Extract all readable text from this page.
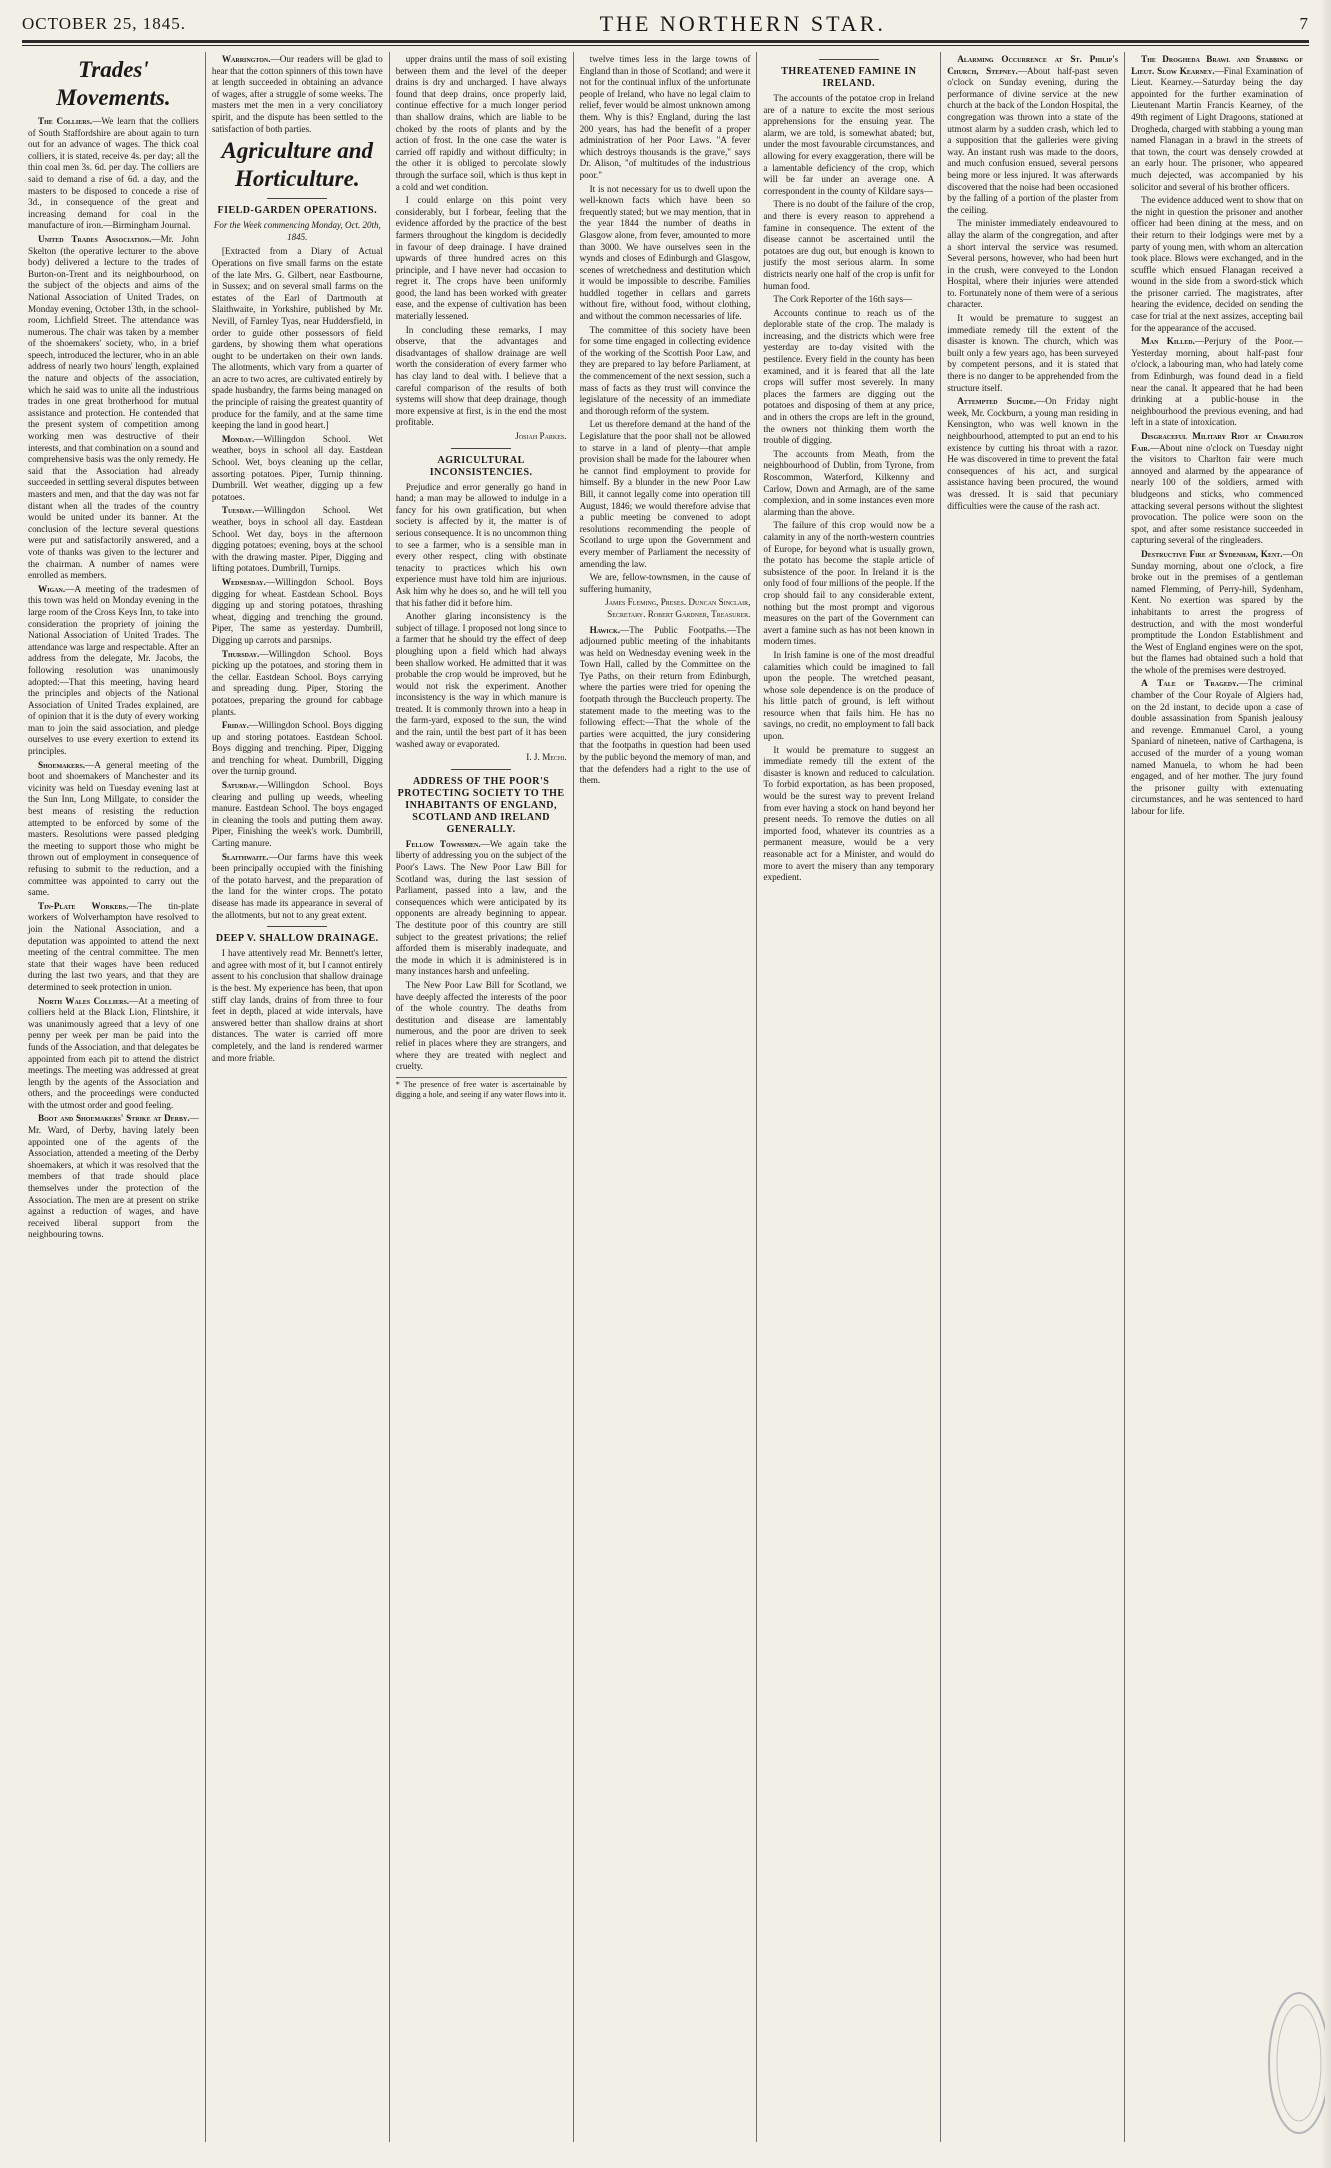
OCTOBER 25, 1845.	THE NORTHERN STAR.	7
Trades' Movements.

The Colliers.—We learn that the colliers of South Staffordshire are about again to turn out for an advance of wages. The thick coal colliers, it is stated, receive 4s. per day; all the thin coal men 3s. 6d. per day. The colliers are said to demand a rise of 6d. a day, and the masters to be disposed to concede a rise of 3d., in consequence of the great and increasing demand for coal in the manufacture of iron.—Birmingham Journal.

United Trades Association.—Mr. John Skelton (the operative lecturer to the above body) delivered a lecture to the trades of Burton-on-Trent and its neighbourhood, on the subject of the objects and aims of the National Association of United Trades, on Monday evening, October 13th, in the school-room, Lichfield Street. The attendance was numerous. The chair was taken by a member of the shoemakers' society, who, in a brief speech, introduced the lecturer, who in an able address of nearly two hours' length, explained the nature and objects of the association, which he said was to unite all the industrious trades in one great brotherhood for mutual assistance and protection. He contended that the present system of competition among working men was destructive of their interests, and that combination on a sound and comprehensive basis was the only remedy. He said that the Association had already succeeded in settling several disputes between masters and men, and that the day was not far distant when all the trades of the country would be united under its banner. At the conclusion of the lecture several questions were put and satisfactorily answered, and a vote of thanks was given to the lecturer and the chairman. A number of names were enrolled as members.

Wigan.—A meeting of the tradesmen of this town was held on Monday evening in the large room of the Cross Keys Inn, to take into consideration the propriety of joining the National Association of United Trades. The attendance was large and respectable. After an address from the delegate, Mr. Jacobs, the following resolution was unanimously adopted:—That this meeting, having heard the principles and objects of the National Association of United Trades explained, are of opinion that it is the duty of every working man to join the said association, and pledge ourselves to use every exertion to extend its principles.

Shoemakers.—A general meeting of the boot and shoemakers of Manchester and its vicinity was held on Tuesday evening last at the Sun Inn, Long Millgate, to consider the best means of resisting the reduction attempted to be enforced by some of the masters. Resolutions were passed pledging the meeting to support those who might be thrown out of employment in consequence of refusing to submit to the reduction, and a committee was appointed to carry out the same.

Tin-Plate Workers.—The tin-plate workers of Wolverhampton have resolved to join the National Association, and a deputation was appointed to attend the next meeting of the central committee. The men state that their wages have been reduced during the last two years, and that they are determined to seek protection in union.

North Wales Colliers.—At a meeting of colliers held at the Black Lion, Flintshire, it was unanimously agreed that a levy of one penny per week per man be paid into the funds of the Association, and that delegates be appointed from each pit to attend the district meetings. The meeting was addressed at great length by the agents of the Association and others, and the proceedings were conducted with the utmost order and good feeling.

Boot and Shoemakers' Strike at Derby.—Mr. Ward, of Derby, having lately been appointed one of the agents of the Association, attended a meeting of the Derby shoemakers, at which it was resolved that the members of that trade should place themselves under the protection of the Association. The men are at present on strike against a reduction of wages, and have received liberal support from the neighbouring towns.

Warrington.—Our readers will be glad to hear that the cotton spinners of this town have at length succeeded in obtaining an advance of wages, after a struggle of some weeks. The masters met the men in a very conciliatory spirit, and the dispute has been settled to the satisfaction of both parties.

Agriculture and Horticulture.
FIELD-GARDEN OPERATIONS.
For the Week commencing Monday, Oct. 20th, 1845.

[Extracted from a Diary of Actual Operations on five small farms on the estate of the late Mrs. G. Gilbert, near Eastbourne, in Sussex; and on several small farms on the estates of the Earl of Dartmouth at Slaithwaite, in Yorkshire, published by Mr. Nevill, of Farnley Tyas, near Huddersfield, in order to guide other possessors of field gardens, by showing them what operations ought to be undertaken on their own lands. The allotments, which vary from a quarter of an acre to two acres, are cultivated entirely by spade husbandry, the farms being managed on the principle of raising the greatest quantity of produce for the family, and at the same time keeping the land in good heart.]

Monday.—Willingdon School. Wet weather, boys in school all day. Eastdean School. Wet, boys cleaning up the cellar, assorting potatoes. Piper, Turnip thinning. Dumbrill. Wet weather, digging up a few potatoes.

Tuesday.—Willingdon School. Wet weather, boys in school all day. Eastdean School. Wet day, boys in the afternoon digging potatoes; evening, boys at the school with the drawing master. Piper, Digging and lifting potatoes. Dumbrill, Turnips.

Wednesday.—Willingdon School. Boys digging for wheat. Eastdean School. Boys digging up and storing potatoes, thrashing wheat, digging and trenching the ground. Piper, The same as yesterday. Dumbrill, Digging up carrots and parsnips.

Thursday.—Willingdon School. Boys picking up the potatoes, and storing them in the cellar. Eastdean School. Boys carrying and spreading dung. Piper, Storing the potatoes, preparing the ground for cabbage plants.

Friday.—Willingdon School. Boys digging up and storing potatoes. Eastdean School. Boys digging and trenching. Piper, Digging and trenching for wheat. Dumbrill, Digging over the turnip ground.

Saturday.—Willingdon School. Boys clearing and pulling up weeds, wheeling manure. Eastdean School. The boys engaged in cleaning the tools and putting them away. Piper, Finishing the week's work. Dumbrill, Carting manure.

Slaithwaite.—Our farms have this week been principally occupied with the finishing of the potato harvest, and the preparation of the land for the winter crops. The potato disease has made its appearance in several of the allotments, but not to any great extent.

DEEP V. SHALLOW DRAINAGE.

I have attentively read Mr. Bennett's letter, and agree with most of it, but I cannot entirely assent to his conclusion that shallow drainage is the best. My experience has been, that upon stiff clay lands, drains of from three to four feet in depth, placed at wide intervals, have answered better than shallow drains at short distances. The water is carried off more completely, and the land is rendered warmer and more friable.

upper drains until the mass of soil existing between them and the level of the deeper drains is dry and uncharged. I have always found that deep drains, once properly laid, continue effective for a much longer period than shallow drains, which are liable to be choked by the roots of plants and by the action of frost. In the one case the water is carried off rapidly and without difficulty; in the other it is obliged to percolate slowly through the surface soil, which is thus kept in a cold and wet condition.

I could enlarge on this point very considerably, but I forbear, feeling that the evidence afforded by the practice of the best farmers throughout the kingdom is decidedly in favour of deep drainage. I have drained upwards of three hundred acres on this principle, and I have never had occasion to regret it. The crops have been uniformly good, the land has been worked with greater ease, and the expense of cultivation has been materially lessened.

In concluding these remarks, I may observe, that the advantages and disadvantages of shallow drainage are well worth the consideration of every farmer who has clay land to deal with. I believe that a careful comparison of the results of both systems will show that deep drainage, though more expensive at first, is in the end the most profitable.

Josiah Parkes.
AGRICULTURAL INCONSISTENCIES.

Prejudice and error generally go hand in hand; a man may be allowed to indulge in a fancy for his own gratification, but when society is affected by it, the matter is of serious consequence. It is no uncommon thing to see a farmer, who is a sensible man in every other respect, cling with obstinate tenacity to practices which his own experience must have told him are injurious. Ask him why he does so, and he will tell you that his father did it before him.

Another glaring inconsistency is the subject of tillage. I proposed not long since to a farmer that he should try the effect of deep ploughing upon a field which had always been shallow worked. He admitted that it was probable the crop would be improved, but he would not risk the experiment. Another inconsistency is the way in which manure is treated. It is commonly thrown into a heap in the farm-yard, exposed to the sun, the wind and the rain, until the best part of it has been washed away or evaporated.

I. J. Mechi.
ADDRESS OF THE POOR'S PROTECTING SOCIETY TO THE INHABITANTS OF ENGLAND, SCOTLAND AND IRELAND GENERALLY.

Fellow Townsmen.—We again take the liberty of addressing you on the subject of the Poor's Laws. The New Poor Law Bill for Scotland was, during the last session of Parliament, passed into a law, and the consequences which were anticipated by its opponents are already beginning to appear. The destitute poor of this country are still subject to the greatest privations; the relief afforded them is miserably inadequate, and the mode in which it is administered is in many instances harsh and unfeeling.

The New Poor Law Bill for Scotland, we have deeply affected the interests of the poor of the whole country. The deaths from destitution and disease are lamentably numerous, and the poor are driven to seek relief in places where they are strangers, and where they are treated with neglect and cruelty.

* The presence of free water is ascertainable by digging a hole, and seeing if any water flows into it.

twelve times less in the large towns of England than in those of Scotland; and were it not for the continual influx of the unfortunate people of Ireland, who have no legal claim to relief, fever would be almost unknown among them. Why is this? England, during the last 200 years, has had the benefit of a proper administration of her Poor Laws. "A fever which destroys thousands is the grave," says Dr. Alison, "of multitudes of the industrious poor."

It is not necessary for us to dwell upon the well-known facts which have been so frequently stated; but we may mention, that in the year 1844 the number of deaths in Glasgow alone, from fever, amounted to more than 3000. We have ourselves seen in the wynds and closes of Edinburgh and Glasgow, scenes of wretchedness and destitution which it would be impossible to describe. Families huddled together in cellars and garrets without fire, without food, without clothing, and without the common necessaries of life.

The committee of this society have been for some time engaged in collecting evidence of the working of the Scottish Poor Law, and they are prepared to lay before Parliament, at the commencement of the next session, such a mass of facts as they trust will convince the legislature of the necessity of an immediate and thorough reform of the system.

Let us therefore demand at the hand of the Legislature that the poor shall not be allowed to starve in a land of plenty—that ample provision shall be made for the labourer when he cannot find employment to provide for himself. By a blunder in the new Poor Law Bill, it cannot legally come into operation till August, 1846; we would therefore advise that a public meeting be convened to adopt resolutions recommending the people of Scotland to urge upon the Government and every member of Parliament the necessity of amending the law.

We are, fellow-townsmen, in the cause of suffering humanity,

James Fleming, Preses. Duncan Sinclair, Secretary. Robert Gardner, Treasurer.

Hawick.—The Public Footpaths.—The adjourned public meeting of the inhabitants was held on Wednesday evening week in the Town Hall, called by the Committee on the Tye Paths, on their return from Edinburgh, where the parties were tried for opening the footpath through the Buccleuch property. The statement made to the meeting was to the following effect:—That the whole of the parties were acquitted, the jury considering that the footpaths in question had been used by the public beyond the memory of man, and that the defenders had a right to the use of them.

THREATENED FAMINE IN IRELAND.

The accounts of the potatoe crop in Ireland are of a nature to excite the most serious apprehensions for the ensuing year. The alarm, we are told, is somewhat abated; but, under the most favourable circumstances, and allowing for every exaggeration, there will be a lamentable deficiency of the crop, which will be far under an average one. A correspondent in the county of Kildare says—

There is no doubt of the failure of the crop, and there is every reason to apprehend a famine in consequence. The extent of the disease cannot be ascertained until the potatoes are dug out, but enough is known to justify the most serious alarm. In some districts nearly one half of the crop is unfit for human food.

The Cork Reporter of the 16th says—

Accounts continue to reach us of the deplorable state of the crop. The malady is increasing, and the districts which were free yesterday are to-day visited with the pestilence. Every field in the county has been examined, and it is feared that all the late crops will suffer most severely. In many places the farmers are digging out the potatoes and disposing of them at any price, and in others the crops are left in the ground, the owners not thinking them worth the trouble of digging.

The accounts from Meath, from the neighbourhood of Dublin, from Tyrone, from Roscommon, Waterford, Kilkenny and Carlow, Down and Armagh, are of the same complexion, and in some instances even more alarming than the above.

The failure of this crop would now be a calamity in any of the north-western countries of Europe, for beyond what is usually grown, the potato has become the staple article of subsistence of the poor. In Ireland it is the only food of four millions of the people. If the crop should fail to any considerable extent, nothing but the most prompt and vigorous measures on the part of the Government can avert a famine such as has not been known in modern times.

In Irish famine is one of the most dreadful calamities which could be imagined to fall upon the people. The wretched peasant, whose sole dependence is on the produce of his little patch of ground, is left without resource when that fails him. He has no savings, no credit, no employment to fall back upon.

It would be premature to suggest an immediate remedy till the extent of the disaster is known and reduced to calculation. To forbid exportation, as has been proposed, would be the surest way to prevent Ireland from ever having a stock on hand beyond her present needs. To remove the duties on all imported food, whatever its countries as a permanent measure, would be a very reasonable act for a Minister, and would do more to avert the misery than any temporary expedient.

Alarming Occurrence at St. Philip's Church, Stepney.—About half-past seven o'clock on Sunday evening, during the performance of divine service at the new church at the back of the London Hospital, the congregation was thrown into a state of the utmost alarm by a sudden crash, which led to a supposition that the galleries were giving way. An instant rush was made to the doors, and much confusion ensued, several persons being more or less injured. It was afterwards discovered that the noise had been occasioned by the falling of a portion of the plaster from the ceiling.

The minister immediately endeavoured to allay the alarm of the congregation, and after a short interval the service was resumed. Several persons, however, who had been hurt in the crush, were conveyed to the London Hospital, where their injuries were attended to. Fortunately none of them were of a serious character.

It would be premature to suggest an immediate remedy till the extent of the disaster is known. The church, which was built only a few years ago, has been surveyed by competent persons, and it is stated that there is no danger to be apprehended from the structure itself.

Attempted Suicide.—On Friday night week, Mr. Cockburn, a young man residing in Kensington, who was well known in the neighbourhood, attempted to put an end to his existence by cutting his throat with a razor. He was discovered in time to prevent the fatal consequences of his act, and surgical assistance having been procured, the wound was dressed. It is said that pecuniary difficulties were the cause of the rash act.

The Drogheda Brawl and Stabbing of Lieut. Slow Kearney.—Final Examination of Lieut. Kearney.—Saturday being the day appointed for the further examination of Lieutenant Martin Francis Kearney, of the 49th regiment of Light Dragoons, stationed at Drogheda, charged with stabbing a young man named Flanagan in a brawl in the streets of that town, the court was densely crowded at an early hour. The prisoner, who appeared much dejected, was accompanied by his solicitor and several of his brother officers.

The evidence adduced went to show that on the night in question the prisoner and another officer had been dining at the mess, and on their return to their lodgings were met by a party of young men, with whom an altercation took place. Blows were exchanged, and in the scuffle which ensued Flanagan received a wound in the side from a sword-stick which the prisoner carried. The magistrates, after hearing the evidence, decided on sending the case for trial at the next assizes, accepting bail for the appearance of the accused.

Man Killed.—Perjury of the Poor.—Yesterday morning, about half-past four o'clock, a labouring man, who had lately come from Edinburgh, was found dead in a field near the canal. It appeared that he had been drinking at a public-house in the neighbourhood the previous evening, and had left in a state of intoxication.

Disgraceful Military Riot at Charlton Fair.—About nine o'clock on Tuesday night the visitors to Charlton fair were much annoyed and alarmed by the appearance of nearly 100 of the soldiers, armed with bludgeons and sticks, who commenced attacking several persons without the slightest provocation. The police were soon on the spot, and after some resistance succeeded in capturing several of the ringleaders.

Destructive Fire at Sydenham, Kent.—On Sunday morning, about one o'clock, a fire broke out in the premises of a gentleman named Flemming, of Perry-hill, Sydenham, Kent. No exertion was spared by the inhabitants to arrest the progress of destruction, and with the most wonderful promptitude the London Establishment and the West of England engines were on the spot, but the flames had obtained such a hold that the whole of the premises were destroyed.

A Tale of Tragedy.—The criminal chamber of the Cour Royale of Algiers had, on the 2d instant, to decide upon a case of double assassination from Spanish jealousy and revenge. Emmanuel Carol, a young Spaniard of nineteen, native of Carthagena, is accused of the murder of a young woman named Manuela, to whom he had been engaged, and of her mother. The jury found the prisoner guilty with extenuating circumstances, and he was sentenced to hard labour for life.
